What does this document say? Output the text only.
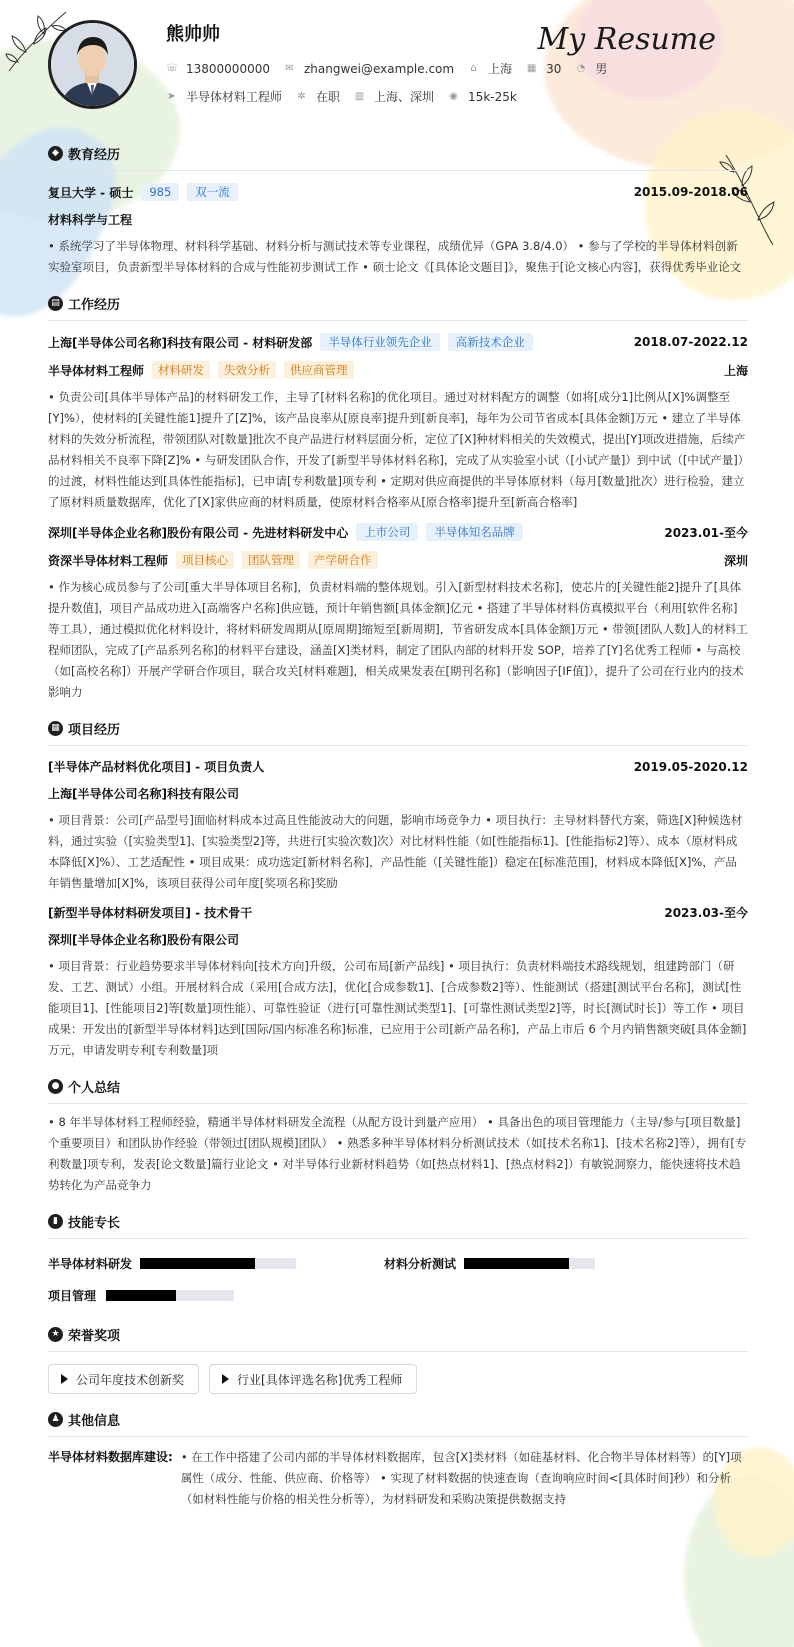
熊帅帅	My Resume
☏ 13800000000 ✉ zhangwei@example.com ⌂ 上海 ▦ 30 ◔ 男
➤ 半导体材料工程师 ✲ 在职 ▥ 上海、深圳 ◉ 15k-25k
◆ 教育经历
复旦大学 - 硕士	985	双一流	2015.09-2018.06
材料科学与工程
• 系统学习了半导体物理、材料科学基础、材料分析与测试技术等专业课程，成绩优异（GPA 3.8/4.0） • 参与了学校的半导体材料创新实验室项目，负责新型半导体材料的合成与性能初步测试工作 • 硕士论文《[具体论文题目]》，聚焦于[论文核心内容]，获得优秀毕业论文
▤ 工作经历
上海[半导体公司名称]科技有限公司 - 材料研发部	半导体行业领先企业	高新技术企业	2018.07-2022.12
半导体材料工程师	材料研发	失效分析	供应商管理	上海
• 负责公司[具体半导体产品]的材料研发工作，主导了[材料名称]的优化项目。通过对材料配方的调整（如将[成分1]比例从[X]%调整至[Y]%），使材料的[关键性能1]提升了[Z]%，该产品良率从[原良率]提升到[新良率]，每年为公司节省成本[具体金额]万元 • 建立了半导体材料的失效分析流程，带领团队对[数量]批次不良产品进行材料层面分析，定位了[X]种材料相关的失效模式，提出[Y]项改进措施，后续产品材料相关不良率下降[Z]% • 与研发团队合作，开发了[新型半导体材料名称]，完成了从实验室小试（[小试产量]）到中试（[中试产量]）的过渡，材料性能达到[具体性能指标]，已申请[专利数量]项专利 • 定期对供应商提供的半导体原材料（每月[数量]批次）进行检验，建立了原材料质量数据库，优化了[X]家供应商的材料质量，使原材料合格率从[原合格率]提升至[新高合格率]
深圳[半导体企业名称]股份有限公司 - 先进材料研发中心	上市公司	半导体知名品牌	2023.01-至今
资深半导体材料工程师	项目核心	团队管理	产学研合作	深圳
• 作为核心成员参与了公司[重大半导体项目名称]，负责材料端的整体规划。引入[新型材料技术名称]，使芯片的[关键性能2]提升了[具体提升数值]，项目产品成功进入[高端客户名称]供应链，预计年销售额[具体金额]亿元 • 搭建了半导体材料仿真模拟平台（利用[软件名称]等工具），通过模拟优化材料设计，将材料研发周期从[原周期]缩短至[新周期]，节省研发成本[具体金额]万元 • 带领[团队人数]人的材料工程师团队，完成了[产品系列名称]的材料平台建设，涵盖[X]类材料，制定了团队内部的材料开发 SOP，培养了[Y]名优秀工程师 • 与高校（如[高校名称]）开展产学研合作项目，联合攻关[材料难题]，相关成果发表在[期刊名称]（影响因子[IF值]），提升了公司在行业内的技术影响力
▦ 项目经历
[半导体产品材料优化项目] - 项目负责人	2019.05-2020.12
上海[半导体公司名称]科技有限公司
• 项目背景：公司[产品型号]面临材料成本过高且性能波动大的问题，影响市场竞争力 • 项目执行：主导材料替代方案，筛选[X]种候选材料，通过实验（[实验类型1]、[实验类型2]等，共进行[实验次数]次）对比材料性能（如[性能指标1]、[性能指标2]等）、成本（原材料成本降低[X]%）、工艺适配性 • 项目成果：成功选定[新材料名称]，产品性能（[关键性能]）稳定在[标准范围]，材料成本降低[X]%，产品年销售量增加[X]%，该项目获得公司年度[奖项名称]奖励
[新型半导体材料研发项目] - 技术骨干	2023.03-至今
深圳[半导体企业名称]股份有限公司
• 项目背景：行业趋势要求半导体材料向[技术方向]升级，公司布局[新产品线] • 项目执行：负责材料端技术路线规划，组建跨部门（研发、工艺、测试）小组。开展材料合成（采用[合成方法]，优化[合成参数1]、[合成参数2]等）、性能测试（搭建[测试平台名称]，测试[性能项目1]、[性能项目2]等[数量]项性能）、可靠性验证（进行[可靠性测试类型1]、[可靠性测试类型2]等，时长[测试时长]）等工作 • 项目成果：开发出的[新型半导体材料]达到[国际/国内标准名称]标准，已应用于公司[新产品名称]，产品上市后 6 个月内销售额突破[具体金额]万元，申请发明专利[专利数量]项
● 个人总结
• 8 年半导体材料工程师经验，精通半导体材料研发全流程（从配方设计到量产应用） • 具备出色的项目管理能力（主导/参与[项目数量]个重要项目）和团队协作经验（带领过[团队规模]团队） • 熟悉多种半导体材料分析测试技术（如[技术名称1]、[技术名称2]等），拥有[专利数量]项专利，发表[论文数量]篇行业论文 • 对半导体行业新材料趋势（如[热点材料1]、[热点材料2]）有敏锐洞察力，能快速将技术趋势转化为产品竞争力
▮ 技能专长
半导体材料研发	材料分析测试
项目管理
★ 荣誉奖项
公司年度技术创新奖	行业[具体评选名称]优秀工程师
♟ 其他信息
半导体材料数据库建设: • 在工作中搭建了公司内部的半导体材料数据库，包含[X]类材料（如硅基材料、化合物半导体材料等）的[Y]项属性（成分、性能、供应商、价格等） • 实现了材料数据的快速查询（查询响应时间<[具体时间]秒）和分析（如材料性能与价格的相关性分析等），为材料研发和采购决策提供数据支持
